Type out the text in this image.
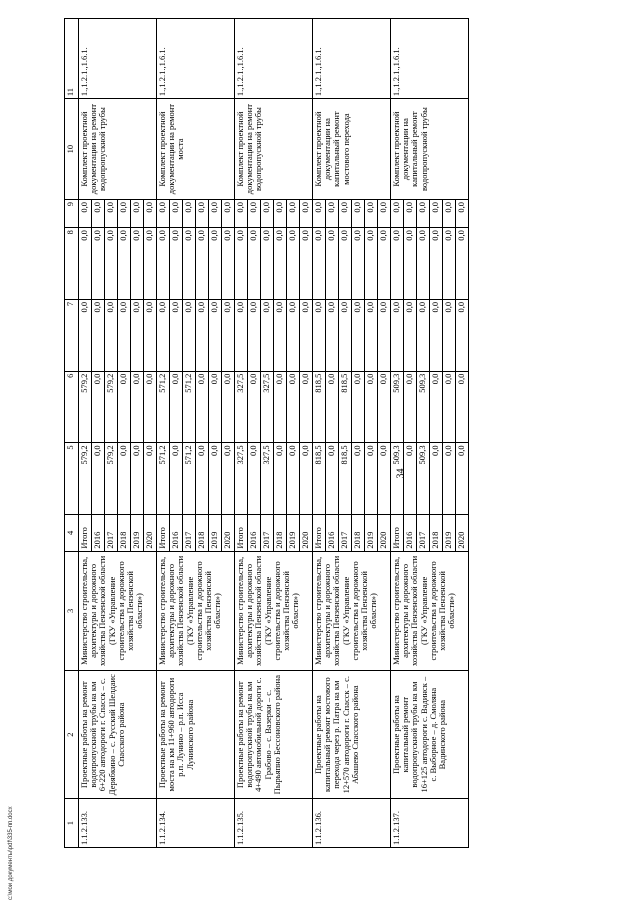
1	2	3	4	5	6	7	8	9	10	11
1.1.2.133.	Проектные работы на ремонт водопропускной трубы на км 6+220 автодороги г. Спасск – с. Дерябкино – с. Русский Шелдаис Спасского района	Министерство строительства, архитектуры и дорожного хозяйства Пензенской области (ГКУ «Управление строительства и дорожного хозяйства Пензенской области»)	Итого	579,2	579,2	0,0	0,0	0,0	Комплект проектной документации на ремонт водопропускной трубы	1.,1.2.1.,1.6.1.
			2016	0,0	0,0	0,0	0,0	0,0		
			2017	579,2	579,2	0,0	0,0	0,0		
			2018	0,0	0,0	0,0	0,0	0,0		
			2019	0,0	0,0	0,0	0,0	0,0		
			2020	0,0	0,0	0,0	0,0	0,0		
1.1.2.134.	Проектные работы на ремонт моста на км 11+960 автодороги р.п. Лунино – р.п. Исса Лунинского района	Министерство строительства, архитектуры и дорожного хозяйства Пензенской области (ГКУ «Управление строительства и дорожного хозяйства Пензенской области»)	Итого	571,2	571,2	0,0	0,0	0,0	Комплект проектной документации на ремонт моста	1.,1.2.1.,1.6.1.
			2016	0,0	0,0	0,0	0,0	0,0		
			2017	571,2	571,2	0,0	0,0	0,0		
			2018	0,0	0,0	0,0	0,0	0,0		
			2019	0,0	0,0	0,0	0,0	0,0		
			2020	0,0	0,0	0,0	0,0	0,0		
1.1.2.135.	Проектные работы на ремонт водопропускной трубы на км 4+490 автомобильной дороги с. Грабово – с. Вазерки – с. Пырьяпно Бессоновского района	Министерство строительства, архитектуры и дорожного хозяйства Пензенской области (ГКУ «Управление строительства и дорожного хозяйства Пензенской области»)	Итого	327,5	327,5	0,0	0,0	0,0	Комплект проектной документации на ремонт водопропускной трубы	1.,1.2.1.,1.6.1.
			2016	0,0	0,0	0,0	0,0	0,0		
			2017	327,5	327,5	0,0	0,0	0,0		
			2018	0,0	0,0	0,0	0,0	0,0		
			2019	0,0	0,0	0,0	0,0	0,0		
			2020	0,0	0,0	0,0	0,0	0,0		
1.1.2.136.	Проектные работы на капитальный ремонт мостового перехода через р. Патра на км 12+570 автодороги г. Спасск – с. Абашево Спасского района	Министерство строительства, архитектуры и дорожного хозяйства Пензенской области (ГКУ «Управление строительства и дорожного хозяйства Пензенской области»)	Итого	818,5	818,5	0,0	0,0	0,0	Комплект проектной документации на капитальный ремонт мостового перехода	1.,1.2.1.,1.6.1.
			2016	0,0	0,0	0,0	0,0	0,0		
			2017	818,5	818,5	0,0	0,0	0,0		
			2018	0,0	0,0	0,0	0,0	0,0		
			2019	0,0	0,0	0,0	0,0	0,0		
			2020	0,0	0,0	0,0	0,0	0,0		
1.1.2.137.	Проектные работы на капитальный ремонт водопропускной трубы на км 16+125 автодороги с. Вадинск – с. Выборное – д. Смоляна Вадинского района	Министерство строительства, архитектуры и дорожного хозяйства Пензенской области (ГКУ «Управление строительства и дорожного хозяйства Пензенской области»)	Итого	509,3	509,3	0,0	0,0	0,0	Комплект проектной документации на капитальный ремонт водопропускной трубы	1.,1.2.1.,1.6.1.
			2016	0,0	0,0	0,0	0,0	0,0		
			2017	509,3	509,3	0,0	0,0	0,0		
			2018	0,0	0,0	0,0	0,0	0,0		
			2019	0,0	0,0	0,0	0,0	0,0		
			2020	0,0	0,0	0,0	0,0	0,0		
34
c:\мои документы\pdf\335-пп.docx
